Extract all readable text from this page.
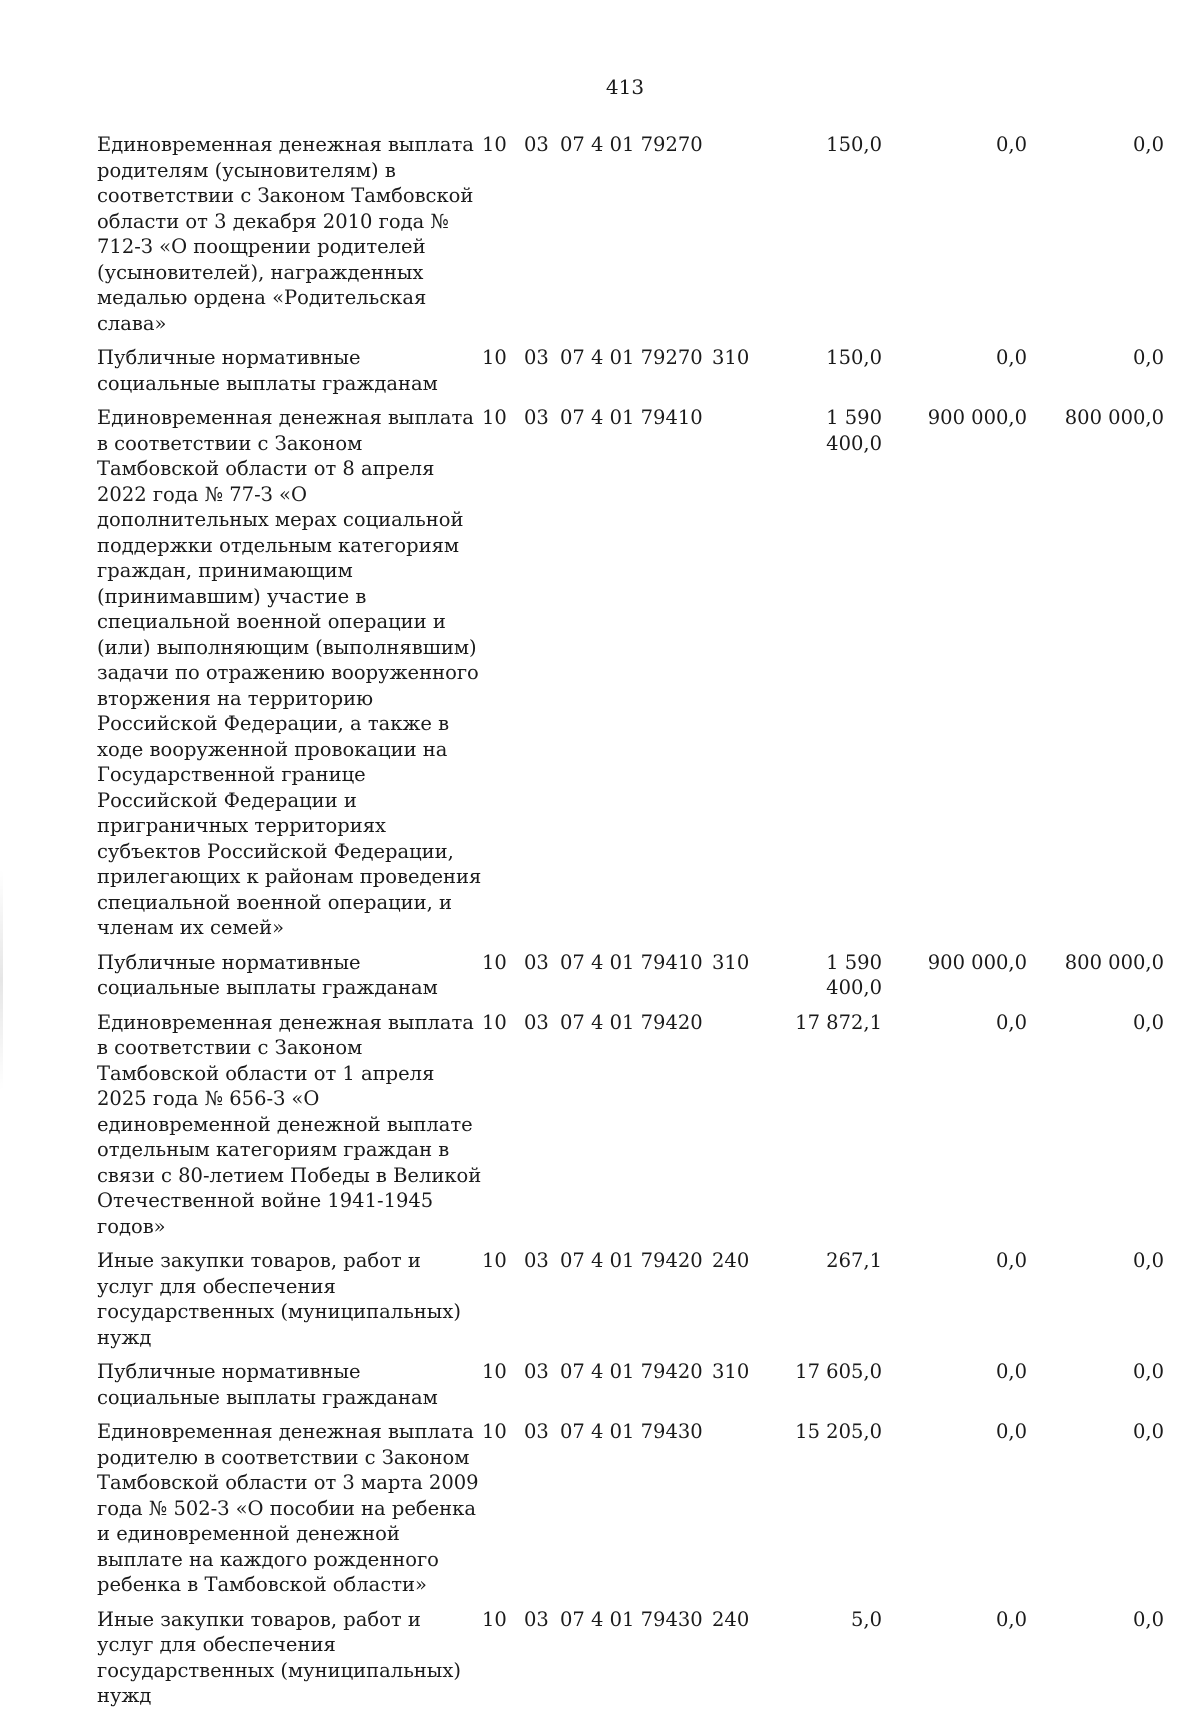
413
Единовременная денежная выплата родителям (усыновителям) в соответствии с Законом Тамбовской области от 3 декабря 2010 года № 712-З «О поощрении родителей (усыновителей), награжденных медалью ордена «Родительская слава»	10	03	07 4 01 79270		150,0	0,0	0,0
Публичные нормативные социальные выплаты гражданам	10	03	07 4 01 79270	310	150,0	0,0	0,0
Единовременная денежная выплата в соответствии с Законом Тамбовской области от 8 апреля 2022 года № 77-З «О дополнительных мерах социальной поддержки отдельным категориям граждан, принимающим (принимавшим) участие в специальной военной операции и (или) выполняющим (выполнявшим) задачи по отражению вооруженного вторжения на территорию Российской Федерации, а также в ходе вооруженной провокации на Государственной границе Российской Федерации и приграничных территориях субъектов Российской Федерации, прилегающих к районам проведения специальной военной операции, и членам их семей»	10	03	07 4 01 79410		1 590 400,0	900 000,0	800 000,0
Публичные нормативные социальные выплаты гражданам	10	03	07 4 01 79410	310	1 590 400,0	900 000,0	800 000,0
Единовременная денежная выплата в соответствии с Законом Тамбовской области от 1 апреля 2025 года № 656-З «О единовременной денежной выплате отдельным категориям граждан в связи с 80-летием Победы в Великой Отечественной войне 1941-1945 годов»	10	03	07 4 01 79420		17 872,1	0,0	0,0
Иные закупки товаров, работ и услуг для обеспечения государственных (муниципальных) нужд	10	03	07 4 01 79420	240	267,1	0,0	0,0
Публичные нормативные социальные выплаты гражданам	10	03	07 4 01 79420	310	17 605,0	0,0	0,0
Единовременная денежная выплата родителю в соответствии с Законом Тамбовской области от 3 марта 2009 года № 502-З «О пособии на ребенка и единовременной денежной выплате на каждого рожденного ребенка в Тамбовской области»	10	03	07 4 01 79430		15 205,0	0,0	0,0
Иные закупки товаров, работ и услуг для обеспечения государственных (муниципальных) нужд	10	03	07 4 01 79430	240	5,0	0,0	0,0
